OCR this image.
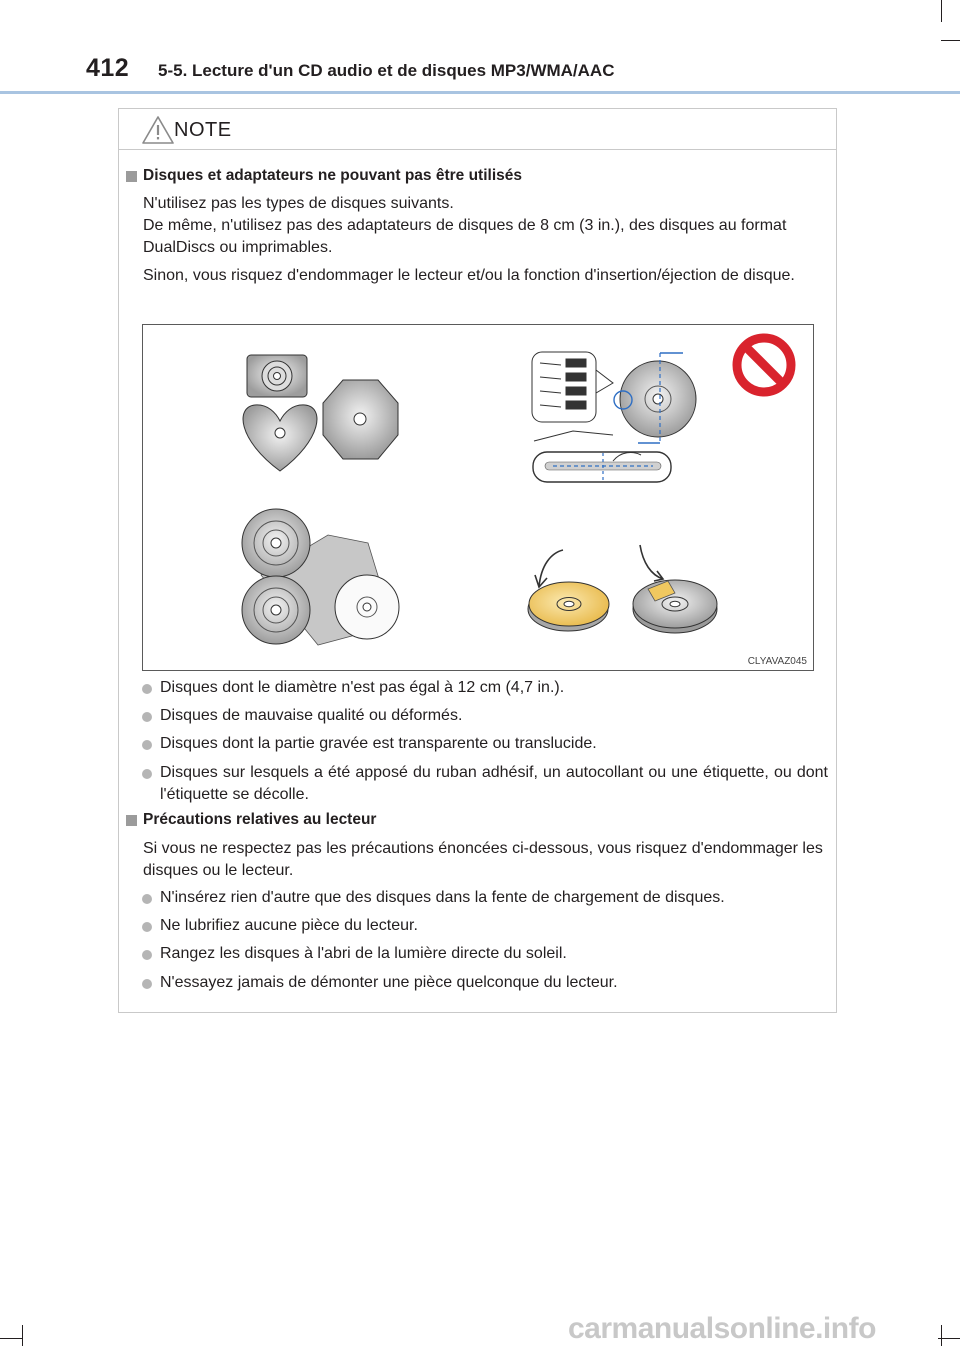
412 5-5. Lecture d'un CD audio et de disques MP3/WMA/AAC
NOTE
Disques et adaptateurs ne pouvant pas être utilisés
N'utilisez pas les types de disques suivants.
De même, n'utilisez pas des adaptateurs de disques de 8 cm (3 in.), des disques au format DualDiscs ou imprimables.
Sinon, vous risquez d'endommager le lecteur et/ou la fonction d'insertion/éjection de disque.
CLYAVAZ045
Disques dont le diamètre n'est pas égal à 12 cm (4,7 in.).
Disques de mauvaise qualité ou déformés.
Disques dont la partie gravée est transparente ou translucide.
Disques sur lesquels a été apposé du ruban adhésif, un autocollant ou une étiquette, ou dont l'étiquette se décolle.
Précautions relatives au lecteur
Si vous ne respectez pas les précautions énoncées ci-dessous, vous risquez d'endommager les disques ou le lecteur.
N'insérez rien d'autre que des disques dans la fente de chargement de disques.
Ne lubrifiez aucune pièce du lecteur.
Rangez les disques à l'abri de la lumière directe du soleil.
N'essayez jamais de démonter une pièce quelconque du lecteur.
carmanualsonline.info
